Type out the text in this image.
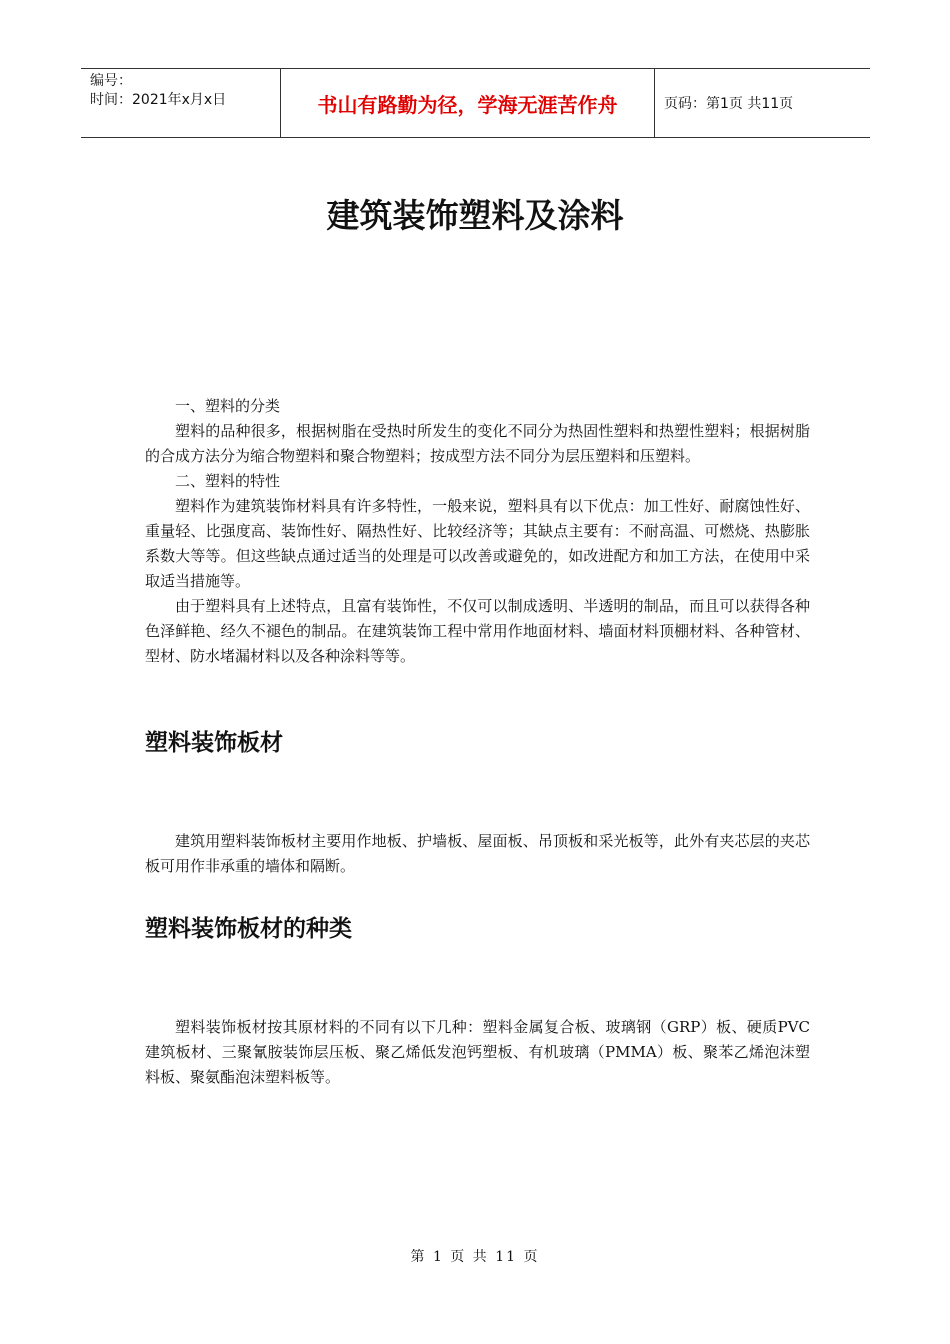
编号：
时间：2021年x月x日	书山有路勤为径，学海无涯苦作舟	页码：第1页 共11页
建筑装饰塑料及涂料

一、塑料的分类

塑料的品种很多，根据树脂在受热时所发生的变化不同分为热固性塑料和热塑性塑料；根据树脂的合成方法分为缩合物塑料和聚合物塑料；按成型方法不同分为层压塑料和压塑料。

二、塑料的特性

塑料作为建筑装饰材料具有许多特性，一般来说，塑料具有以下优点：加工性好、耐腐蚀性好、重量轻、比强度高、装饰性好、隔热性好、比较经济等；其缺点主要有：不耐高温、可燃烧、热膨胀系数大等等。但这些缺点通过适当的处理是可以改善或避免的，如改进配方和加工方法，在使用中采取适当措施等。

由于塑料具有上述特点，且富有装饰性，不仅可以制成透明、半透明的制品，而且可以获得各种色泽鲜艳、经久不褪色的制品。在建筑装饰工程中常用作地面材料、墙面材料顶棚材料、各种管材、型材、防水堵漏材料以及各种涂料等等。

塑料装饰板材

建筑用塑料装饰板材主要用作地板、护墙板、屋面板、吊顶板和采光板等，此外有夹芯层的夹芯板可用作非承重的墙体和隔断。

塑料装饰板材的种类

塑料装饰板材按其原材料的不同有以下几种：塑料金属复合板、玻璃钢（GRP）板、硬质PVC建筑板材、三聚氰胺装饰层压板、聚乙烯低发泡钙塑板、有机玻璃（PMMA）板、聚苯乙烯泡沫塑料板、聚氨酯泡沫塑料板等。

第 1 页 共 11 页
